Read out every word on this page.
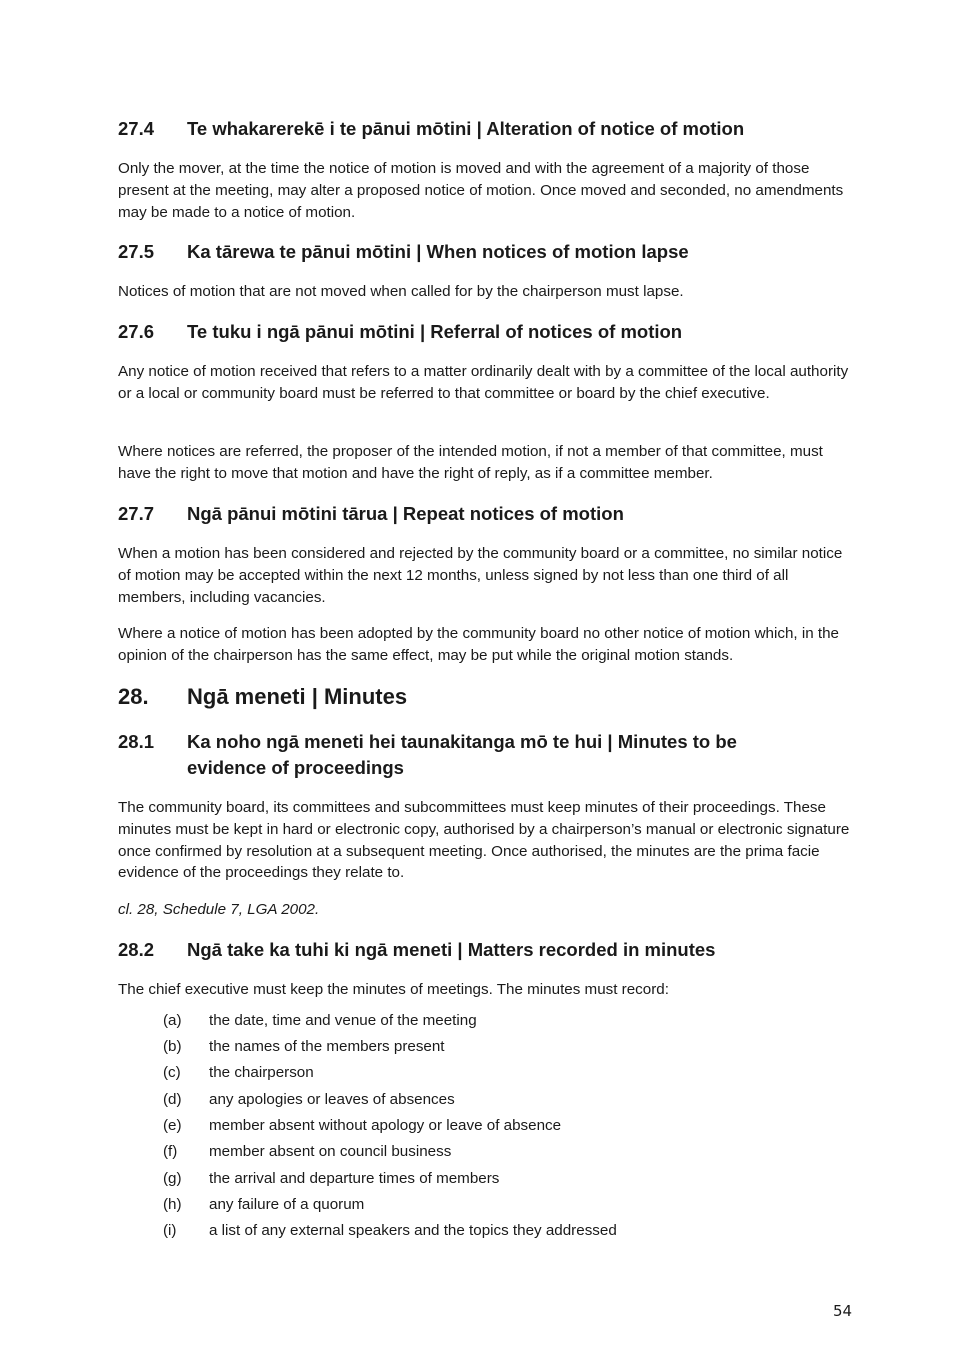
27.4 Te whakarerekē i te pānui mōtini | Alteration of notice of motion

Only the mover, at the time the notice of motion is moved and with the agreement of a majority of those present at the meeting, may alter a proposed notice of motion. Once moved and seconded, no amendments may be made to a notice of motion.

27.5 Ka tārewa te pānui mōtini | When notices of motion lapse

Notices of motion that are not moved when called for by the chairperson must lapse.

27.6 Te tuku i ngā pānui mōtini | Referral of notices of motion

Any notice of motion received that refers to a matter ordinarily dealt with by a committee of the local authority or a local or community board must be referred to that committee or board by the chief executive.

Where notices are referred, the proposer of the intended motion, if not a member of that committee, must have the right to move that motion and have the right of reply, as if a committee member.

27.7 Ngā pānui mōtini tārua | Repeat notices of motion

When a motion has been considered and rejected by the community board or a committee, no similar notice of motion may be accepted within the next 12 months, unless signed by not less than one third of all members, including vacancies.

Where a notice of motion has been adopted by the community board no other notice of motion which, in the opinion of the chairperson has the same effect, may be put while the original motion stands.

28. Ngā meneti | Minutes
28.1 Ka noho ngā meneti hei taunakitanga mō te hui | Minutes to be
evidence of proceedings

The community board, its committees and subcommittees must keep minutes of their proceedings. These minutes must be kept in hard or electronic copy, authorised by a chairperson’s manual or electronic signature once confirmed by resolution at a subsequent meeting. Once authorised, the minutes are the prima facie evidence of the proceedings they relate to.

cl. 28, Schedule 7, LGA 2002.

28.2 Ngā take ka tuhi ki ngā meneti | Matters recorded in minutes

The chief executive must keep the minutes of meetings. The minutes must record:

(a) the date, time and venue of the meeting
(b) the names of the members present
(c) the chairperson
(d) any apologies or leaves of absences
(e) member absent without apology or leave of absence
(f) member absent on council business
(g) the arrival and departure times of members
(h) any failure of a quorum
(i) a list of any external speakers and the topics they addressed
54
